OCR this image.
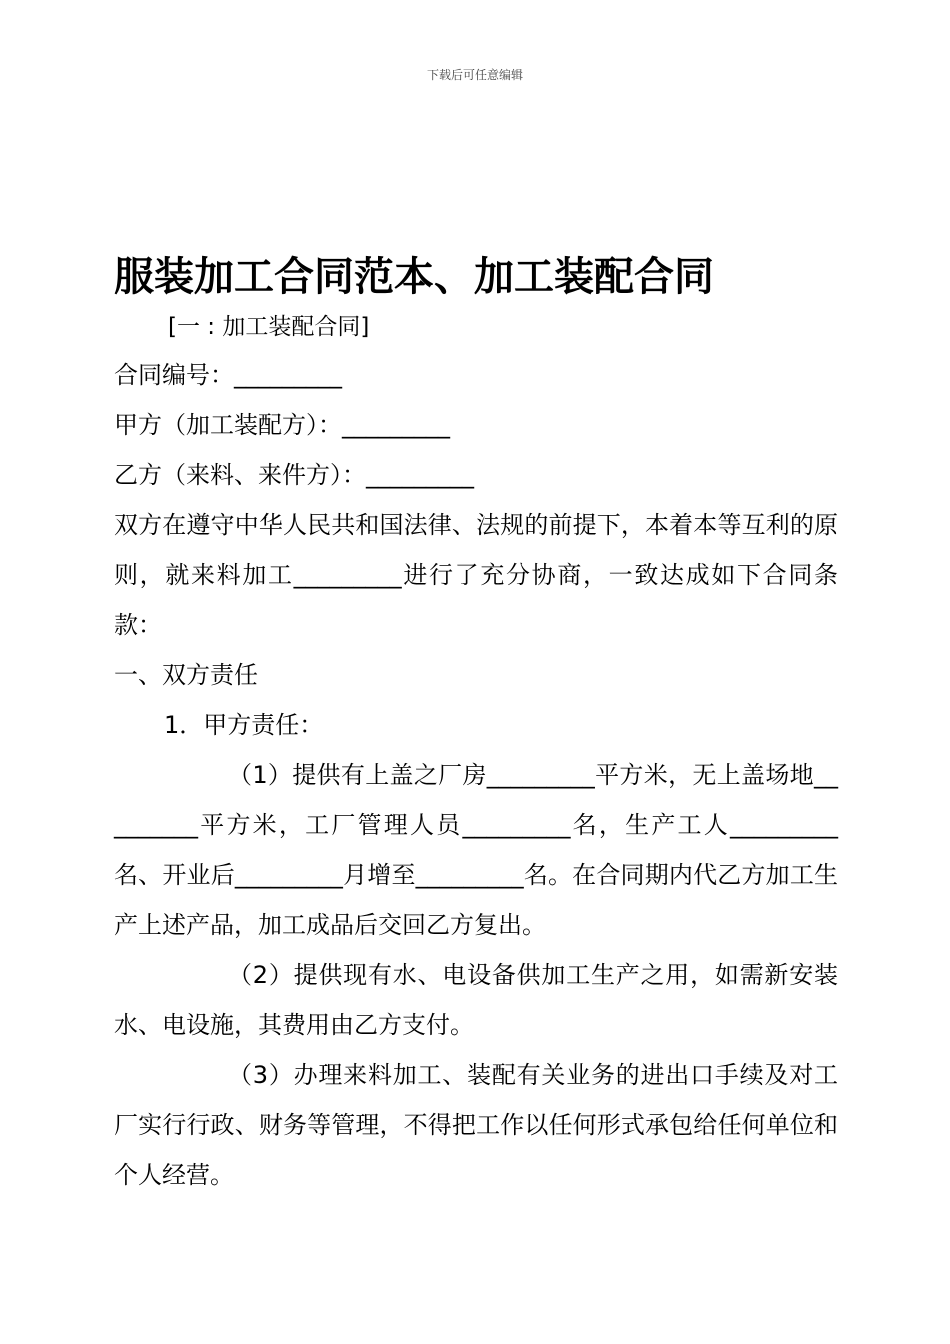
下载后可任意编辑
服装加工合同范本、加工装配合同
[一 : 加工装配合同]

合同编号：_________

甲方（加工装配方）：_________

乙方（来料、来件方）：_________

双方在遵守中华人民共和国法律、法规的前提下，本着本等互利的原则，就来料加工_________进行了充分协商，一致达成如下合同条款：

一、双方责任

1．甲方责任：

（1）提供有上盖之厂房_________平方米，无上盖场地_________平方米，工厂管理人员_________名，生产工人_________名、开业后_________月增至_________名。在合同期内代乙方加工生产上述产品，加工成品后交回乙方复出。

（2）提供现有水、电设备供加工生产之用，如需新安装水、电设施，其费用由乙方支付。

（3）办理来料加工、装配有关业务的进出口手续及对工厂实行行政、财务等管理，不得把工作以任何形式承包给任何单位和个人经营。
